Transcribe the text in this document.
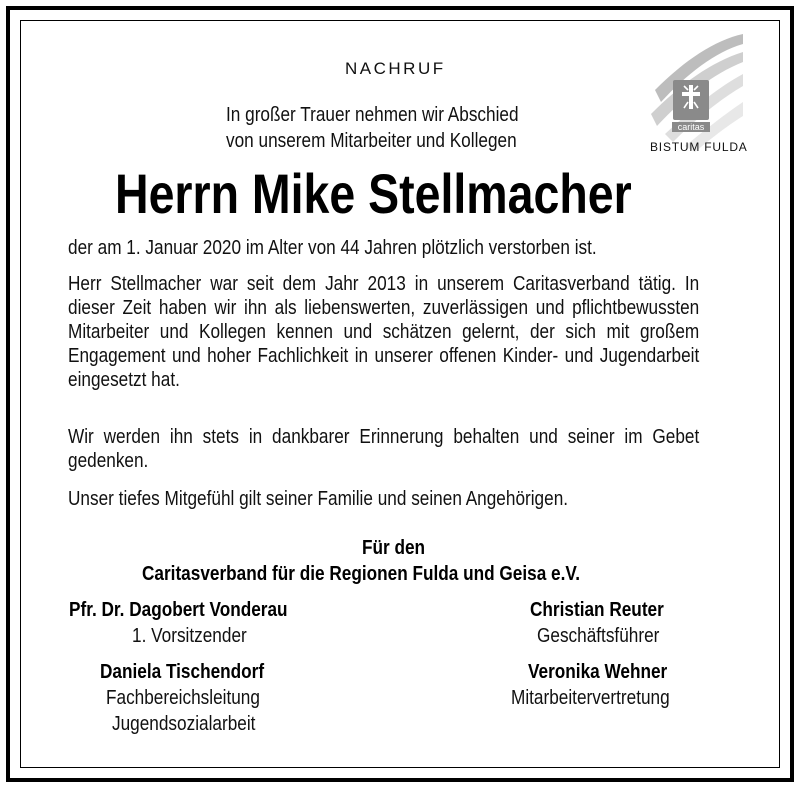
caritas
BISTUM FULDA
NACHRUF
In großer Trauer nehmen wir Abschied
von unserem Mitarbeiter und Kollegen
Herrn Mike Stellmacher
der am 1. Januar 2020 im Alter von 44 Jahren plötzlich verstorben ist.
Herr Stellmacher war seit dem Jahr 2013 in unserem Caritasverband tätig. In dieser Zeit haben wir ihn als liebenswerten, zuverlässigen und pflichtbewussten Mitarbeiter und Kollegen kennen und schätzen gelernt, der sich mit großem Engagement und hoher Fachlichkeit in unserer offenen Kinder- und Jugendarbeit eingesetzt hat.
Wir werden ihn stets in dankbarer Erinnerung behalten und seiner im Gebet gedenken.
Unser tiefes Mitgefühl gilt seiner Familie und seinen Angehörigen.
Für den
Caritasverband für die Regionen Fulda und Geisa e.V.
Pfr. Dr. Dagobert Vonderau
1. Vorsitzender
Christian Reuter
Geschäftsführer
Daniela Tischendorf
Fachbereichsleitung
Jugendsozialarbeit
Veronika Wehner
Mitarbeitervertretung
